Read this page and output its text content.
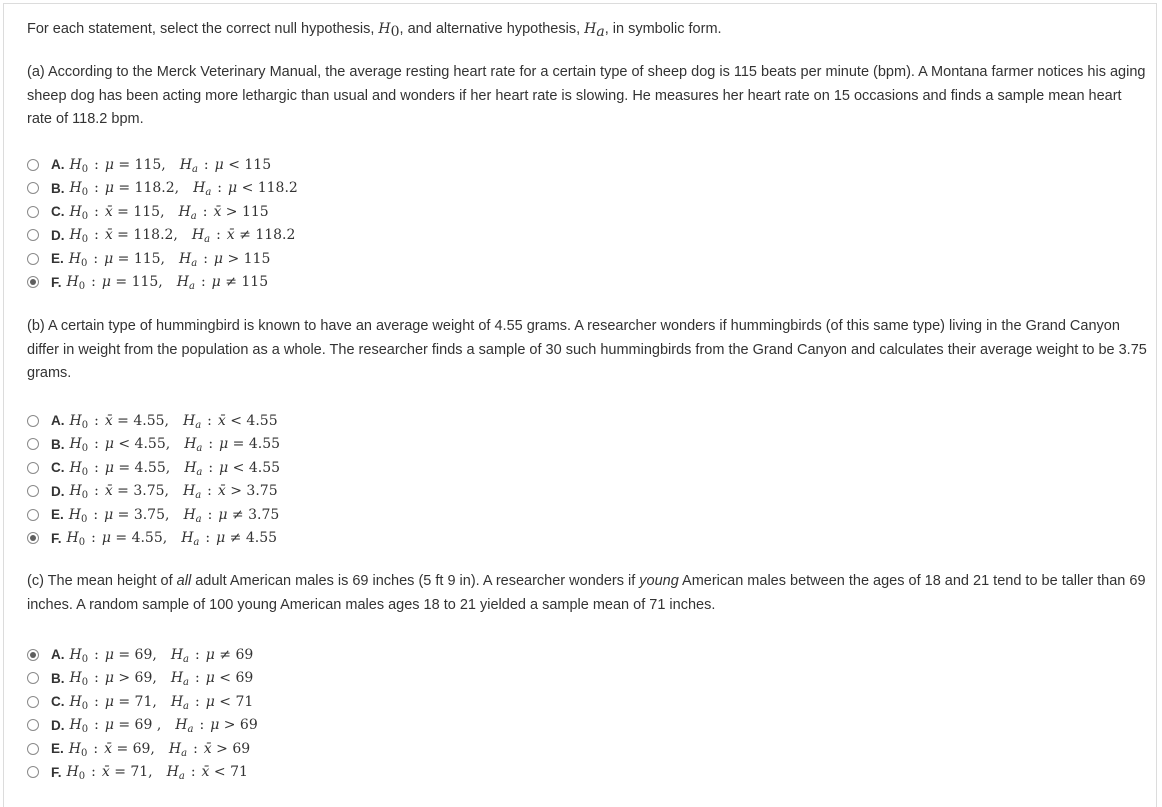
For each statement, select the correct null hypothesis, $H_0$, and alternative hypothesis, $H_a$, in symbolic form.

(a) According to the Merck Veterinary Manual, the average resting heart rate for a certain type of sheep dog is 115 beats per minute (bpm). A Montana farmer notices his aging sheep dog has been acting more lethargic than usual and wonders if her heart rate is slowing. He measures her heart rate on 15 occasions and finds a sample mean heart rate of 118.2 bpm.

A. $H_0$ : μ = 115, $H_a$ : μ < 115
B. $H_0$ : μ = 118.2, $H_a$ : μ < 118.2
C. $H_0$ : x̄ = 115, $H_a$ : x̄ > 115
D. $H_0$ : x̄ = 118.2, $H_a$ : x̄ ≠ 118.2
E. $H_0$ : μ = 115, $H_a$ : μ > 115
F. $H_0$ : μ = 115, $H_a$ : μ ≠ 115

(b) A certain type of hummingbird is known to have an average weight of 4.55 grams. A researcher wonders if hummingbirds (of this same type) living in the Grand Canyon differ in weight from the population as a whole. The researcher finds a sample of 30 such hummingbirds from the Grand Canyon and calculates their average weight to be 3.75 grams.

A. $H_0$ : x̄ = 4.55, $H_a$ : x̄ < 4.55
B. $H_0$ : μ < 4.55, $H_a$ : μ = 4.55
C. $H_0$ : μ = 4.55, $H_a$ : μ < 4.55
D. $H_0$ : x̄ = 3.75, $H_a$ : x̄ > 3.75
E. $H_0$ : μ = 3.75, $H_a$ : μ ≠ 3.75
F. $H_0$ : μ = 4.55, $H_a$ : μ ≠ 4.55

(c) The mean height of all adult American males is 69 inches (5 ft 9 in). A researcher wonders if young American males between the ages of 18 and 21 tend to be taller than 69 inches. A random sample of 100 young American males ages 18 to 21 yielded a sample mean of 71 inches.

A. $H_0$ : μ = 69, $H_a$ : μ ≠ 69
B. $H_0$ : μ > 69, $H_a$ : μ < 69
C. $H_0$ : μ = 71, $H_a$ : μ < 71
D. $H_0$ : μ = 69 , $H_a$ : μ > 69
E. $H_0$ : x̄ = 69, $H_a$ : x̄ > 69
F. $H_0$ : x̄ = 71, $H_a$ : x̄ < 71
